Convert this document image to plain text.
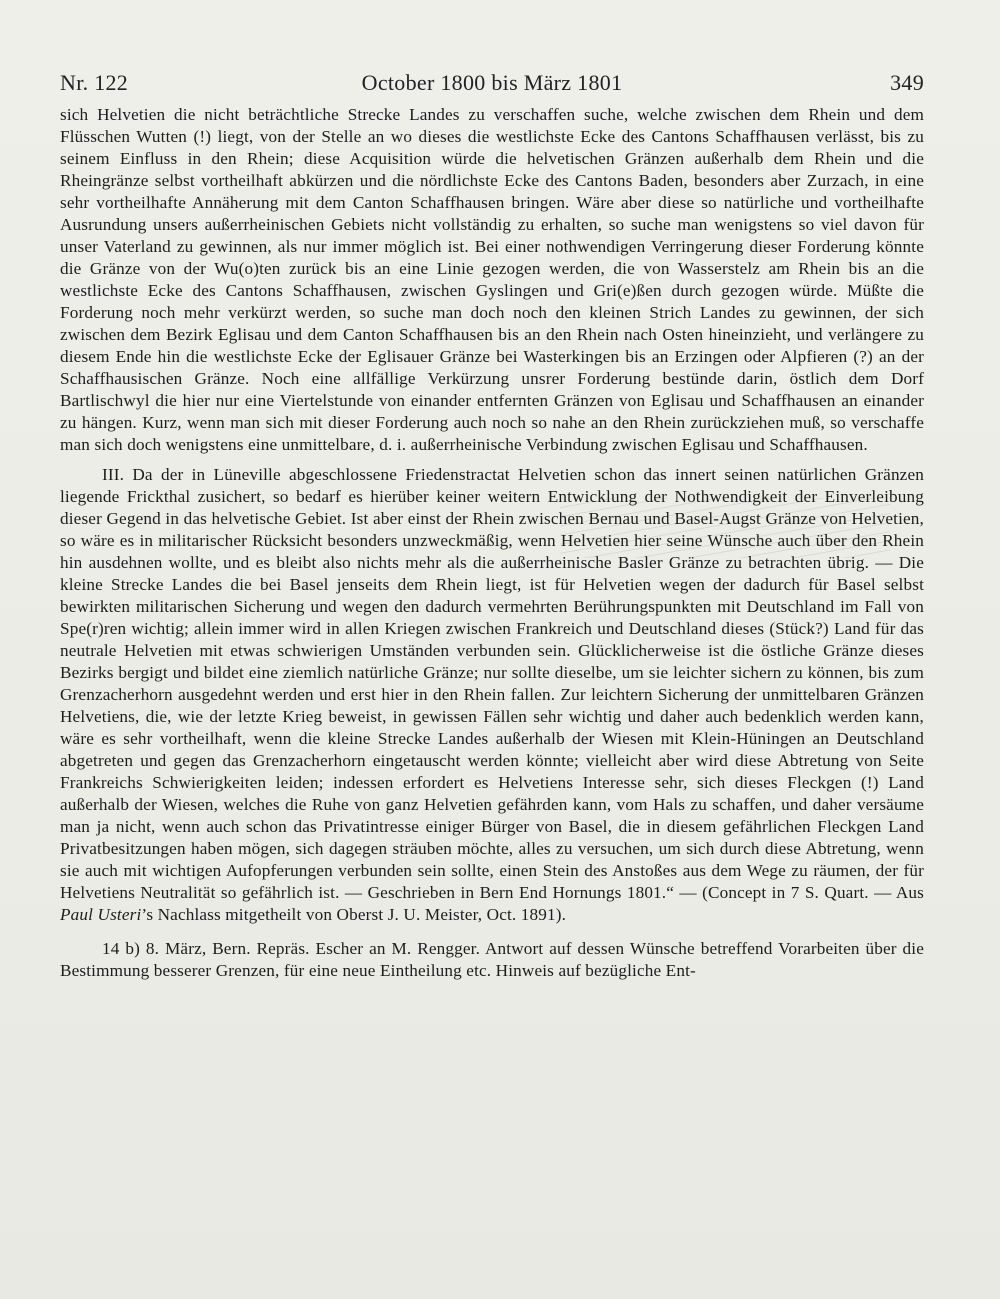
Nr. 122	October 1800 bis März 1801	349

sich Helvetien die nicht beträchtliche Strecke Landes zu verschaffen suche, welche zwischen dem Rhein und dem Flüsschen Wutten (!) liegt, von der Stelle an wo dieses die westlichste Ecke des Cantons Schaffhausen verlässt, bis zu seinem Einfluss in den Rhein; diese Acquisition würde die helvetischen Gränzen außerhalb dem Rhein und die Rheingränze selbst vortheilhaft abkürzen und die nördlichste Ecke des Cantons Baden, besonders aber Zurzach, in eine sehr vortheilhafte Annäherung mit dem Canton Schaffhausen bringen. Wäre aber diese so natürliche und vortheilhafte Ausrundung unsers außerrheinischen Gebiets nicht vollständig zu erhalten, so suche man wenigstens so viel davon für unser Vaterland zu gewinnen, als nur immer möglich ist. Bei einer nothwendigen Verringerung dieser Forderung könnte die Gränze von der Wu(o)ten zurück bis an eine Linie gezogen werden, die von Wasserstelz am Rhein bis an die westlichste Ecke des Cantons Schaffhausen, zwischen Gyslingen und Gri(e)ßen durch gezogen würde. Müßte die Forderung noch mehr verkürzt werden, so suche man doch noch den kleinen Strich Landes zu gewinnen, der sich zwischen dem Bezirk Eglisau und dem Canton Schaffhausen bis an den Rhein nach Osten hineinzieht, und verlängere zu diesem Ende hin die westlichste Ecke der Eglisauer Gränze bei Wasterkingen bis an Erzingen oder Alpfieren (?) an der Schaffhausischen Gränze. Noch eine allfällige Verkürzung unsrer Forderung bestünde darin, östlich dem Dorf Bartlischwyl die hier nur eine Viertelstunde von einander entfernten Gränzen von Eglisau und Schaffhausen an einander zu hängen. Kurz, wenn man sich mit dieser Forderung auch noch so nahe an den Rhein zurückziehen muß, so verschaffe man sich doch wenigstens eine unmittelbare, d. i. außerrheinische Verbindung zwischen Eglisau und Schaffhausen.

III. Da der in Lüneville abgeschlossene Friedenstractat Helvetien schon das innert seinen natürlichen Gränzen liegende Frickthal zusichert, so bedarf es hierüber keiner weitern Entwicklung der Nothwendigkeit der Einverleibung dieser Gegend in das helvetische Gebiet. Ist aber einst der Rhein zwischen Bernau und Basel-Augst Gränze von Helvetien, so wäre es in militarischer Rücksicht besonders unzweckmäßig, wenn Helvetien hier seine Wünsche auch über den Rhein hin ausdehnen wollte, und es bleibt also nichts mehr als die außerrheinische Basler Gränze zu betrachten übrig. — Die kleine Strecke Landes die bei Basel jenseits dem Rhein liegt, ist für Helvetien wegen der dadurch für Basel selbst bewirkten militarischen Sicherung und wegen den dadurch vermehrten Berührungspunkten mit Deutschland im Fall von Spe(r)ren wichtig; allein immer wird in allen Kriegen zwischen Frankreich und Deutschland dieses (Stück?) Land für das neutrale Helvetien mit etwas schwierigen Umständen verbunden sein. Glücklicherweise ist die östliche Gränze dieses Bezirks bergigt und bildet eine ziemlich natürliche Gränze; nur sollte dieselbe, um sie leichter sichern zu können, bis zum Grenzacherhorn ausgedehnt werden und erst hier in den Rhein fallen. Zur leichtern Sicherung der unmittelbaren Gränzen Helvetiens, die, wie der letzte Krieg beweist, in gewissen Fällen sehr wichtig und daher auch bedenklich werden kann, wäre es sehr vortheilhaft, wenn die kleine Strecke Landes außerhalb der Wiesen mit Klein-Hüningen an Deutschland abgetreten und gegen das Grenzacherhorn eingetauscht werden könnte; vielleicht aber wird diese Abtretung von Seite Frankreichs Schwierigkeiten leiden; indessen erfordert es Helvetiens Interesse sehr, sich dieses Fleckgen (!) Land außerhalb der Wiesen, welches die Ruhe von ganz Helvetien gefährden kann, vom Hals zu schaffen, und daher versäume man ja nicht, wenn auch schon das Privatintresse einiger Bürger von Basel, die in diesem gefährlichen Fleckgen Land Privatbesitzungen haben mögen, sich dagegen sträuben möchte, alles zu versuchen, um sich durch diese Abtretung, wenn sie auch mit wichtigen Aufopferungen verbunden sein sollte, einen Stein des Anstoßes aus dem Wege zu räumen, der für Helvetiens Neutralität so gefährlich ist. — Geschrieben in Bern End Hornungs 1801.“ — (Concept in 7 S. Quart. — Aus Paul Usteri’s Nachlass mitgetheilt von Oberst J. U. Meister, Oct. 1891).

14 b) 8. März, Bern. Repräs. Escher an M. Rengger. Antwort auf dessen Wünsche betreffend Vorarbeiten über die Bestimmung besserer Grenzen, für eine neue Eintheilung etc. Hinweis auf bezügliche Ent-
